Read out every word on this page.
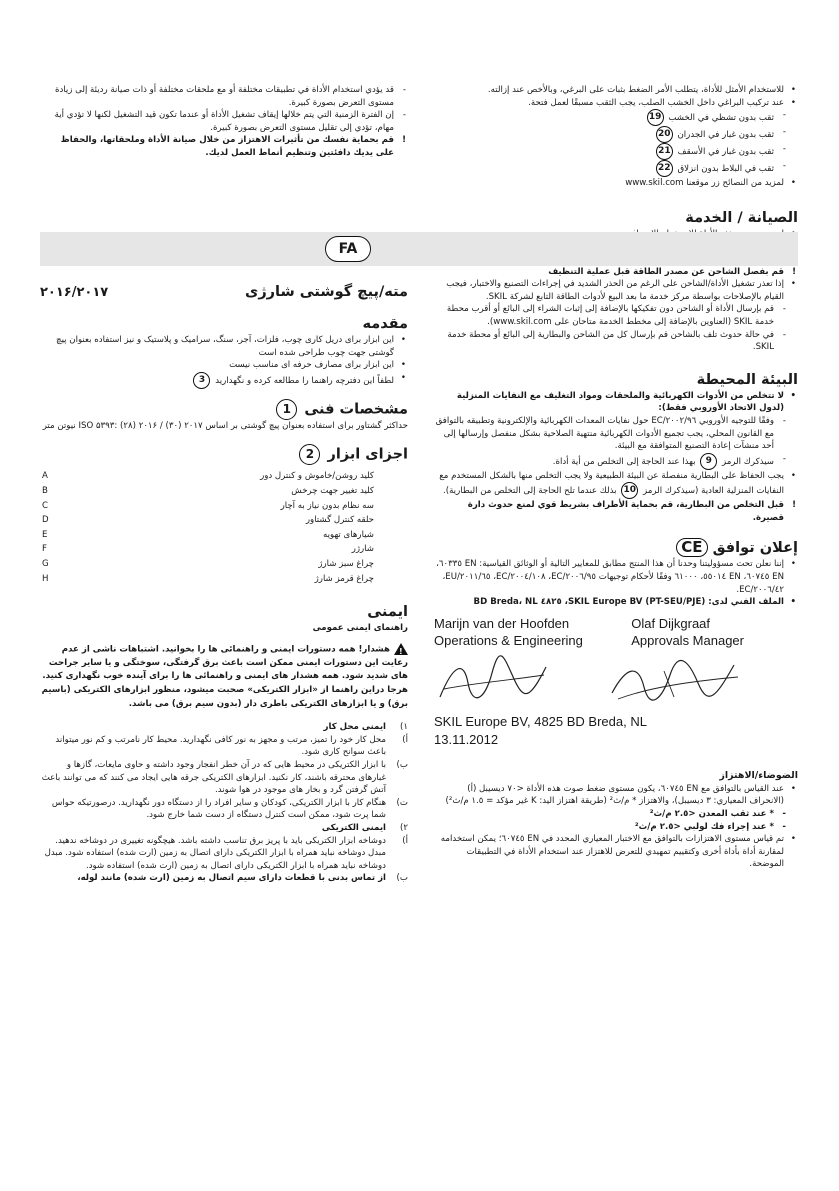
• للاستخدام الأمثل للأداة، يتطلب الأمر الضغط بثبات على البرغي، وبالأخص عند إزالته.
• عند تركيب البراغي داخل الخشب الصلب، يجب الثقب مسبقًا لعمل فتحة.
- ثقب بدون تشظي في الخشب 19
- ثقب بدون غبار في الجدران 20
- ثقب بدون غبار في الأسقف 21
- ثقب في البلاط بدون انزلاق 22
• لمزيد من النصائح زر موقعنا www.skil.com
الصيانة / الخدمة
•
•
-
! قم بفصل الشاحن عن مصدر الطاقة قبل عملية التنظيف
• إذا تعذر تشغيل الأداة/الشاحن على الرغم من الحذر الشديد في إجراءات التصنيع والاختبار، فيجب القيام بالإصلاحات بواسطة مركز خدمة ما بعد البيع لأدوات الطاقة التابع لشركة SKIL.
- قم بإرسال الأداة أو الشاحن دون تفكيكها بالإضافة إلى إثبات الشراء إلى البائع أو أقرب محطة خدمة SKIL (العناوين بالإضافة إلى مخطط الخدمة متاحان على www.skil.com).
- في حالة حدوث تلف بالشاحن قم بإرسال كل من الشاحن والبطارية إلى البائع أو محطة خدمة SKIL.
البيئة المحيطة
• لا تتخلص من الأدوات الكهربائية والملحقات ومواد التغليف مع النفايات المنزلية (لدول الاتحاد الأوروبي فقط):
- وفقًا للتوجيه الأوروبي ٢٠٠٢/٩٦/EC حول نفايات المعدات الكهربائية والإلكترونية وتطبيقه بالتوافق مع القانون المحلي، يجب تجميع الأدوات الكهربائية منتهية الصلاحية بشكل منفصل وإرسالها إلى أحد منشآت إعادة التصنيع المتوافقة مع البيئة.
- سيذكرك الرمز 9 بهذا عند الحاجة إلى التخلص من أية أداة.
• يجب الحفاظ على البطارية منفصلة عن البيئة الطبيعية ولا يجب التخلص منها بالشكل المستخدم مع النفايات المنزلية العادية (سيذكرك الرمز 10 بذلك عندما تلح الحاجة إلى التخلص من البطارية).
! قبل التخلص من البطارية، قم بحماية الأطراف بشريط قوي لمنع حدوث دارة قصيرة.
إعلان توافق CE
• إننا نعلن تحت مسؤوليتنا وحدنا أن هذا المنتج مطابق للمعايير التالية أو الوثائق القياسية: EN ٦٠٣٣٥، EN ٦٠٧٤٥، EN ٥٥٠١٤، ٦١٠٠٠ وفقًا لأحكام توجيهات ٢٠٠٦/٩٥/EC، ٢٠٠٤/١٠٨/EC، ٢٠١١/٦٥/EU، ٢٠٠٦/٤٢/EC.
• الملف الفني لدى: SKIL Europe BV (PT-SEU/PJE)، ٤٨٢٥ BD Breda، NL
Marijn van der Hoofden
Operations & Engineering
Olaf Dijkgraaf
Approvals Manager
SKIL Europe BV, 4825 BD Breda, NL
13.11.2012
الضوضاء/الاهتزاز
• عند القياس بالتوافق مع EN ٦٠٧٤٥، يكون مستوى ضغط صوت هذه الأداة <٧٠ ديسيبل (أ) (الانحراف المعياري: ٣ ديسيبل)، والاهتزاز * م/ث² (طريقة اهتزاز اليد: K غير مؤكد = ١.٥ م/ث²)
- * عند ثقب المعدن <٢.٥ م/ث²
- * عند إجراء فك لولبي <٢.٥ م/ث²
• تم قياس مستوى الاهتزازات بالتوافق مع الاختبار المعياري المحدد في EN ٦٠٧٤٥؛ يمكن استخدامه لمقارنة أداة بأداة أخرى وكتقييم تمهيدي للتعرض للاهتزاز عند استخدام الأداة في التطبيقات الموضحة.
- قد يؤدي استخدام الأداة في تطبيقات مختلفة أو مع ملحقات مختلفة أو ذات صيانة رديئة إلى زيادة مستوى التعرض بصورة كبيرة.
- إن الفترة الزمنية التي يتم خلالها إيقاف تشغيل الأداة أو عندما تكون قيد التشغيل لكنها لا تؤدي أية مهام، تؤدي إلى تقليل مستوى التعرض بصورة كبيرة.
! قم بحماية نفسك من تأثيرات الاهتزاز من خلال صيانة الأداة وملحقاتها، والحفاظ على يديك دافئتين وتنظيم أنماط العمل لديك.
FA
مته/پیچ گوشتی شارژی
۲۰۱۶/۲۰۱۷
مقدمه
• این ابزار برای دریل کاری چوب، فلزات، آجر، سنگ، سرامیک و پلاستیک و نیز استفاده بعنوان پیچ گوشتی جهت چوب طراحی شده است
• این ابزار برای مصارف حرفه ای مناسب نیست
• لطفاً این دفترچه راهنما را مطالعه کرده و نگهدارید 3
مشخصات فنی 1

حداکثر گشتاور برای استفاده بعنوان پیچ گوشتی بر اساس ISO ۵۳۹۳: (۲۸) ۲۰۱۶ / (۳۰) ۲۰۱۷ نیوتن متر

اجزای ابزار 2
کلید روشن/خاموش و کنترل دور
A
کلید تغییر جهت چرخش
B
سه نظام بدون نیاز به آچار
C
حلقه کنترل گشتاور
D
شیارهای تهویه
E
شارژر
F
چراغ سبز شارژ
G
چراغ قرمز شارژ
H
ایمنی

راهنمای ایمنی عمومی

!هشدار! همه دستورات ایمنی و راهنمائی ها را بخوانید. اشتباهات ناشی از عدم رعایت این دستورات ایمنی ممکن است باعث برق گرفتگی، سوختگی و یا سایر جراحت های شدید شود. همه هشدار های ایمنی و راهنمائی ها را برای آینده خوب نگهداری کنید. هرجا دراین راهنما از «ابزار الکتریکی» صحبت میشود، منظور ابزارهای الکتریکی (باسیم برق) و یا ابزارهای الکتریکی باطری دار (بدون سیم برق) می باشد.

۱)
ایمنی محل کار
أ)
محل کار خود را تمیز، مرتب و مجهز به نور کافی نگهدارید. محیط کار نامرتب و کم نور میتواند باعث سوانح کاری شود.
ب)
با ابزار الکتریکی در محیط هایی که در آن خطر انفجار وجود داشته و حاوی مایعات، گازها و غبارهای محترقه باشند، کار نکنید. ابزارهای الکتریکی جرقه هایی ایجاد می کنند که می توانند باعث آتش گرفتن گرد و بخار های موجود در هوا شوند.
ت)
هنگام کار با ابزار الکتریکی، کودکان و سایر افراد را از دستگاه دور نگهدارید. درصورتیکه حواس شما پرت شود، ممکن است کنترل دستگاه از دست شما خارج شود.
۲)
ایمنی الکتریکی
أ)
دوشاخه ابزار الکتریکی باید با پریز برق تناسب داشته باشد. هیچگونه تغییری در دوشاخه ندهید. مبدل دوشاخه نباید همراه با ابزار الکتریکی دارای اتصال به زمین (ارت شده) استفاده شود. مبدل دوشاخه نباید همراه با ابزار الکتریکی دارای اتصال به زمین (ارت شده) استفاده شود.
ب)
از تماس بدنی با قطعات دارای سیم اتصال به زمین (ارت شده) مانند لوله،
